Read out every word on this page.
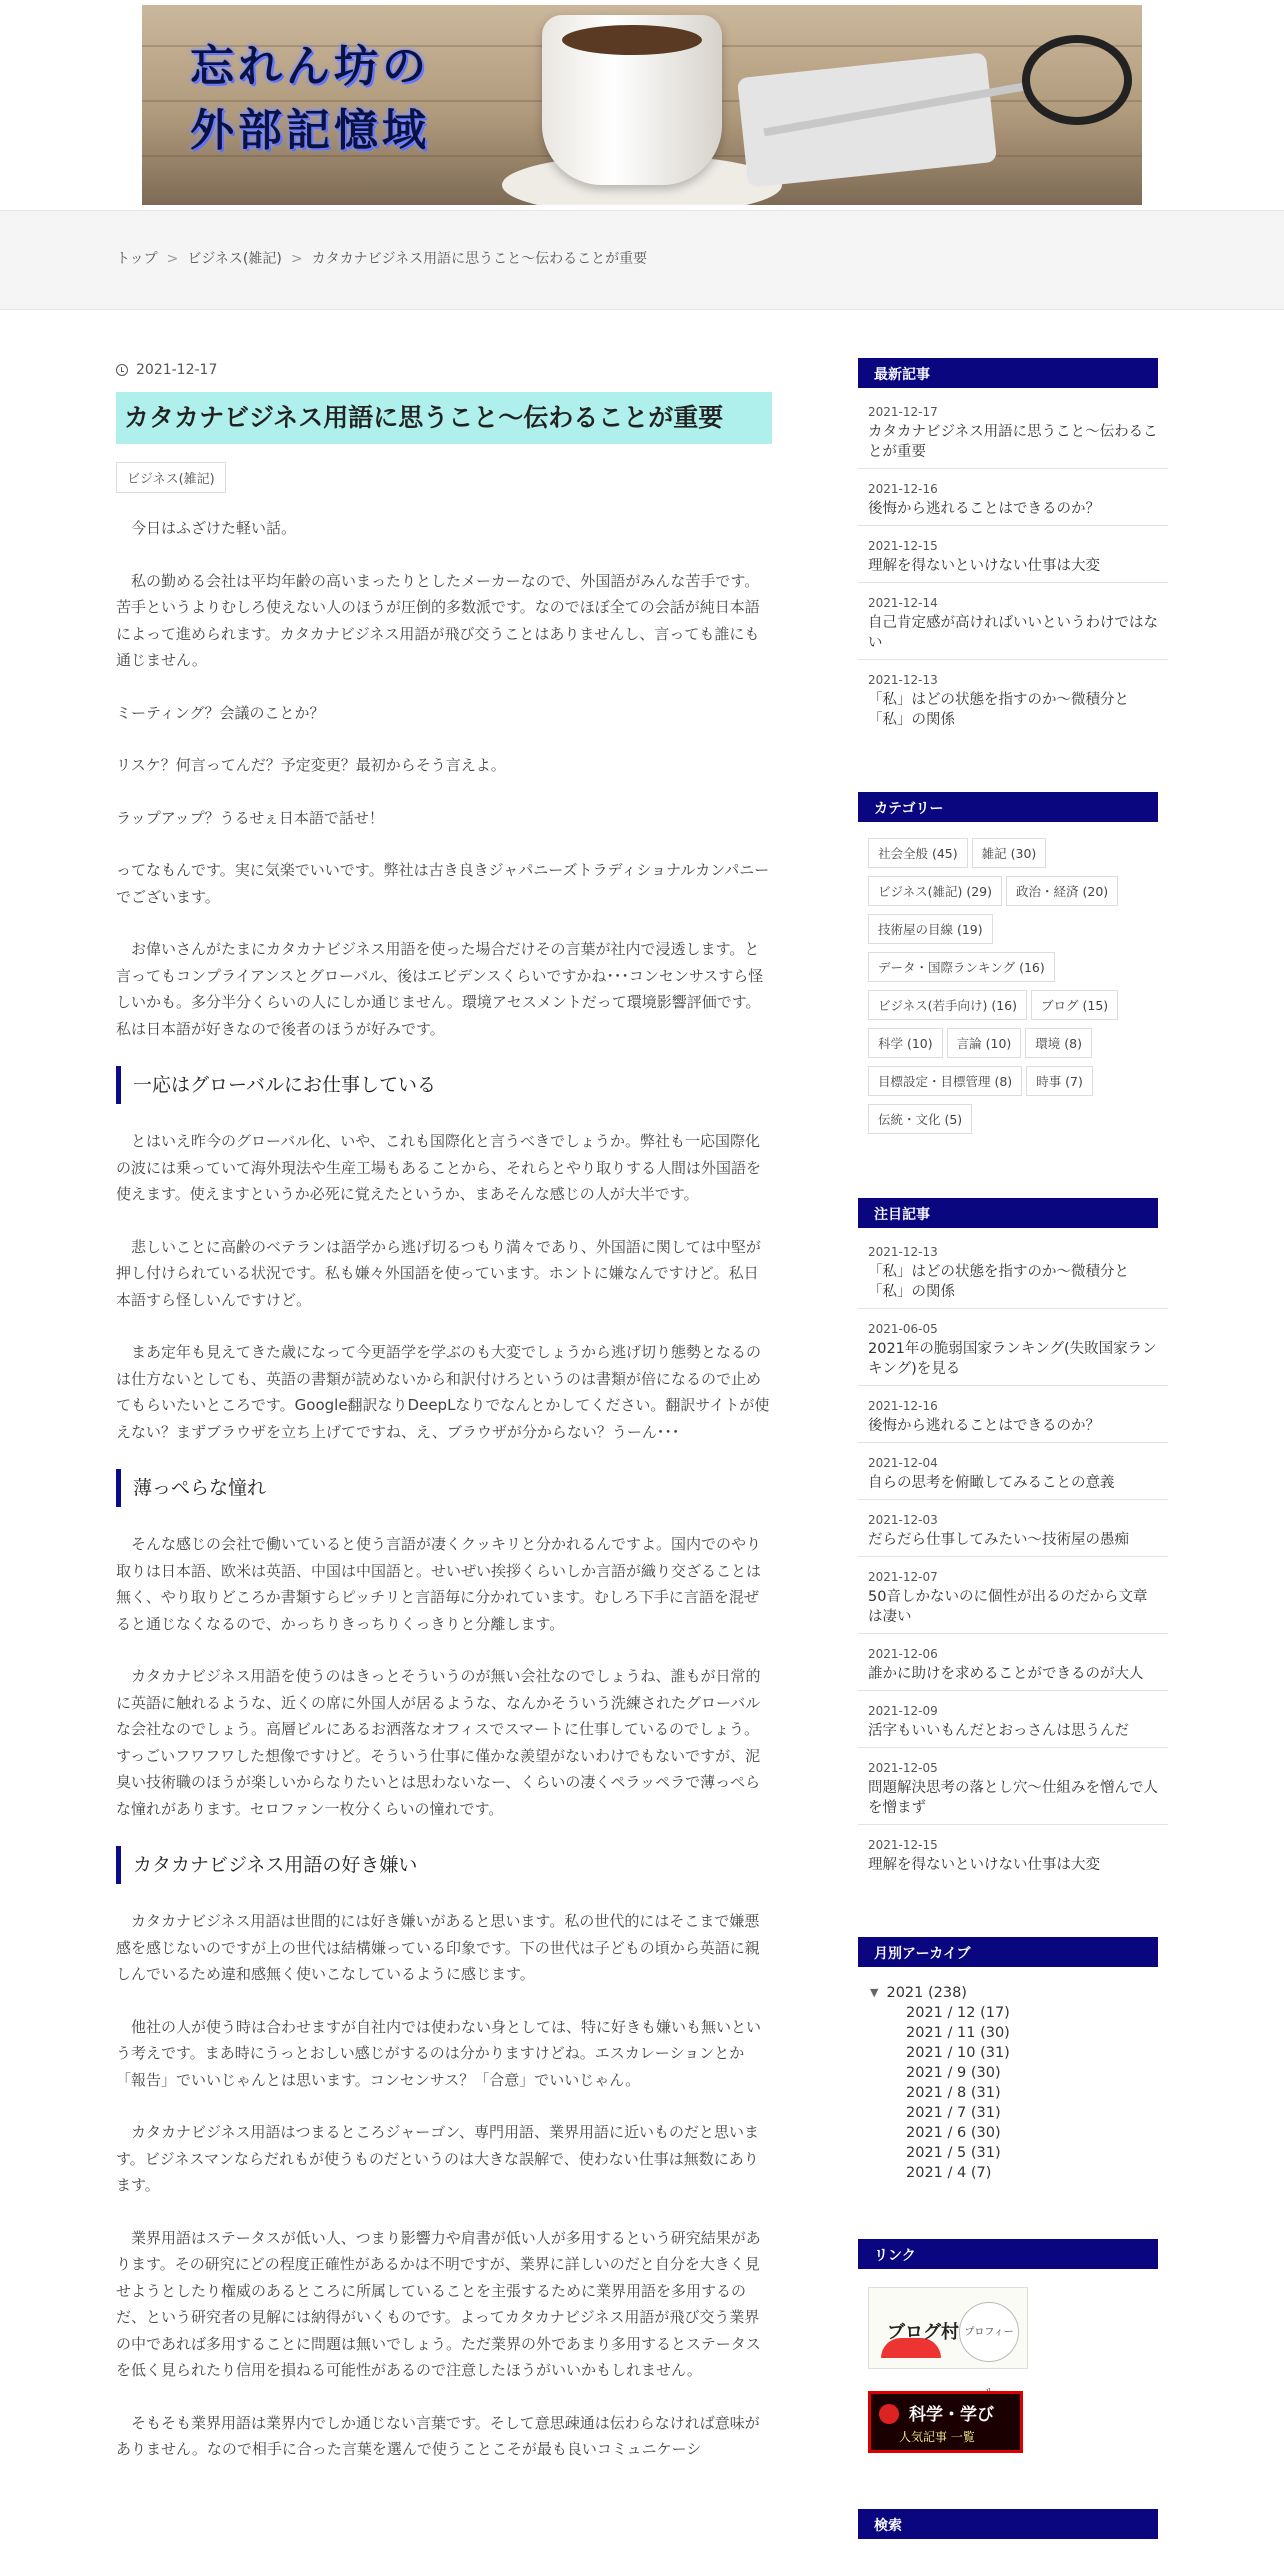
忘れん坊の
外部記憶域
トップ > ビジネス(雑記) > カタカナビジネス用語に思うこと～伝わることが重要
2021-12-17
カタカナビジネス用語に思うこと～伝わることが重要
ビジネス(雑記)

今日はふざけた軽い話。

私の勤める会社は平均年齢の高いまったりとしたメーカーなので、外国語がみんな苦手です。苦手というよりむしろ使えない人のほうが圧倒的多数派です。なのでほぼ全ての会話が純日本語によって進められます。カタカナビジネス用語が飛び交うことはありませんし、言っても誰にも通じません。

ミーティング？会議のことか？

リスケ？何言ってんだ？予定変更？最初からそう言えよ。

ラップアップ？うるせぇ日本語で話せ！

ってなもんです。実に気楽でいいです。弊社は古き良きジャパニーズトラディショナルカンパニーでございます。

お偉いさんがたまにカタカナビジネス用語を使った場合だけその言葉が社内で浸透します。と言ってもコンプライアンスとグローバル、後はエビデンスくらいですかね･･･コンセンサスすら怪しいかも。多分半分くらいの人にしか通じません。環境アセスメントだって環境影響評価です。私は日本語が好きなので後者のほうが好みです。

一応はグローバルにお仕事している

とはいえ昨今のグローバル化、いや、これも国際化と言うべきでしょうか。弊社も一応国際化の波には乗っていて海外現法や生産工場もあることから、それらとやり取りする人間は外国語を使えます。使えますというか必死に覚えたというか、まあそんな感じの人が大半です。

悲しいことに高齢のベテランは語学から逃げ切るつもり満々であり、外国語に関しては中堅が押し付けられている状況です。私も嫌々外国語を使っています。ホントに嫌なんですけど。私日本語すら怪しいんですけど。

まあ定年も見えてきた歳になって今更語学を学ぶのも大変でしょうから逃げ切り態勢となるのは仕方ないとしても、英語の書類が読めないから和訳付けろというのは書類が倍になるので止めてもらいたいところです。Google翻訳なりDeepLなりでなんとかしてください。翻訳サイトが使えない？まずブラウザを立ち上げてですね、え、ブラウザが分からない？うーん･･･

薄っぺらな憧れ

そんな感じの会社で働いていると使う言語が凄くクッキリと分かれるんですよ。国内でのやり取りは日本語、欧米は英語、中国は中国語と。せいぜい挨拶くらいしか言語が織り交ざることは無く、やり取りどころか書類すらピッチリと言語毎に分かれています。むしろ下手に言語を混ぜると通じなくなるので、かっちりきっちりくっきりと分離します。

カタカナビジネス用語を使うのはきっとそういうのが無い会社なのでしょうね、誰もが日常的に英語に触れるような、近くの席に外国人が居るような、なんかそういう洗練されたグローバルな会社なのでしょう。高層ビルにあるお洒落なオフィスでスマートに仕事しているのでしょう。すっごいフワフワした想像ですけど。そういう仕事に僅かな羨望がないわけでもないですが、泥臭い技術職のほうが楽しいからなりたいとは思わないなー、くらいの凄くペラッペラで薄っぺらな憧れがあります。セロファン一枚分くらいの憧れです。

カタカナビジネス用語の好き嫌い

カタカナビジネス用語は世間的には好き嫌いがあると思います。私の世代的にはそこまで嫌悪感を感じないのですが上の世代は結構嫌っている印象です。下の世代は子どもの頃から英語に親しんでいるため違和感無く使いこなしているように感じます。

他社の人が使う時は合わせますが自社内では使わない身としては、特に好きも嫌いも無いという考えです。まあ時にうっとおしい感じがするのは分かりますけどね。エスカレーションとか「報告」でいいじゃんとは思います。コンセンサス？「合意」でいいじゃん。

カタカナビジネス用語はつまるところジャーゴン、専門用語、業界用語に近いものだと思います。ビジネスマンならだれもが使うものだというのは大きな誤解で、使わない仕事は無数にあります。

業界用語はステータスが低い人、つまり影響力や肩書が低い人が多用するという研究結果があります。その研究にどの程度正確性があるかは不明ですが、業界に詳しいのだと自分を大きく見せようとしたり権威のあるところに所属していることを主張するために業界用語を多用するのだ、という研究者の見解には納得がいくものです。よってカタカナビジネス用語が飛び交う業界の中であれば多用することに問題は無いでしょう。ただ業界の外であまり多用するとステータスを低く見られたり信用を損ねる可能性があるので注意したほうがいいかもしれません。

そもそも業界用語は業界内でしか通じない言葉です。そして意思疎通は伝わらなければ意味がありません。なので相手に合った言葉を選んで使うことこそが最も良いコミュニケーシ

最新記事
2021-12-17
カタカナビジネス用語に思うこと～伝わることが重要
2021-12-16
後悔から逃れることはできるのか？
2021-12-15
理解を得ないといけない仕事は大変
2021-12-14
自己肯定感が高ければいいというわけではない
2021-12-13
「私」はどの状態を指すのか～微積分と「私」の関係
カテゴリー
社会全般 (45) 雑記 (30)
ビジネス(雑記) (29) 政治・経済 (20)
技術屋の目線 (19)
データ・国際ランキング (16)
ビジネス(若手向け) (16) ブログ (15)
科学 (10) 言論 (10) 環境 (8)
目標設定・目標管理 (8) 時事 (7)
伝統・文化 (5)
注目記事
2021-12-13
「私」はどの状態を指すのか～微積分と「私」の関係
2021-06-05
2021年の脆弱国家ランキング(失敗国家ランキング)を見る
2021-12-16
後悔から逃れることはできるのか？
2021-12-04
自らの思考を俯瞰してみることの意義
2021-12-03
だらだら仕事してみたい～技術屋の愚痴
2021-12-07
50音しかないのに個性が出るのだから文章は凄い
2021-12-06
誰かに助けを求めることができるのが大人
2021-12-09
活字もいいもんだとおっさんは思うんだ
2021-12-05
問題解決思考の落とし穴～仕組みを憎んで人を憎まず
2021-12-15
理解を得ないといけない仕事は大変
月別アーカイブ
▼ 2021 (238)
2021 / 12 (17)
2021 / 11 (30)
2021 / 10 (31)
2021 / 9 (30)
2021 / 8 (31)
2021 / 7 (31)
2021 / 6 (30)
2021 / 5 (31)
2021 / 4 (7)
リンク
ブログ村 プロフィー
科学・学び
人気記事 一覧
検索
